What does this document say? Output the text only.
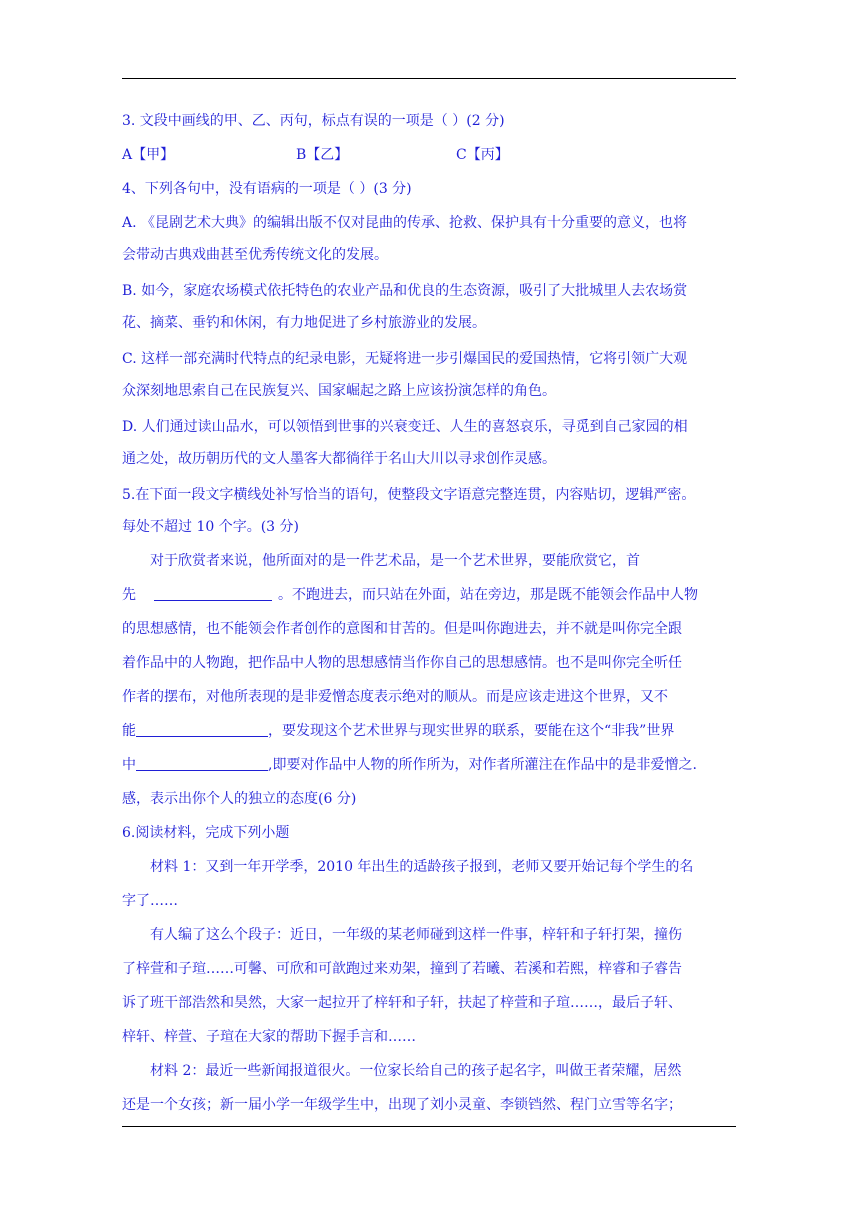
3. 文段中画线的甲、乙、丙句，标点有误的一项是（ ）(2 分)
A【甲】	B【乙】	C【丙】
4、下列各句中，没有语病的一项是（ ）(3 分)
A. 《昆剧艺术大典》的编辑出版不仅对昆曲的传承、抢救、保护具有十分重要的意义，也将
会带动古典戏曲甚至优秀传统文化的发展。
B. 如今，家庭农场模式依托特色的农业产品和优良的生态资源，吸引了大批城里人去农场赏
花、摘菜、垂钓和休闲，有力地促进了乡村旅游业的发展。
C. 这样一部充满时代特点的纪录电影，无疑将进一步引爆国民的爱国热情，它将引领广大观
众深刻地思索自己在民族复兴、国家崛起之路上应该扮演怎样的角色。
D. 人们通过读山品水，可以领悟到世事的兴衰变迁、人生的喜怒哀乐，寻觅到自己家园的相
通之处，故历朝历代的文人墨客大都徜徉于名山大川以寻求创作灵感。
5.在下面一段文字横线处补写恰当的语句，使整段文字语意完整连贯，内容贴切，逻辑严密。
每处不超过 10 个字。(3 分)
对于欣赏者来说，他所面对的是一件艺术品，是一个艺术世界，要能欣赏它，首
先	。不跑进去，而只站在外面，站在旁边，那是既不能领会作品中人物
的思想感情，也不能领会作者创作的意图和甘苦的。但是叫你跑进去，并不就是叫你完全跟
着作品中的人物跑，把作品中人物的思想感情当作你自己的思想感情。也不是叫你完全听任
作者的摆布，对他所表现的是非爱憎态度表示绝对的顺从。而是应该走进这个世界，又不
能	，要发现这个艺术世界与现实世界的联系，要能在这个“非我”世界
中	,即要对作品中人物的所作所为，对作者所灌注在作品中的是非爱憎之.
感，表示出你个人的独立的态度(6 分)
6.阅读材料，完成下列小题
材料 1：又到一年开学季，2010 年出生的适龄孩子报到，老师又要开始记每个学生的名
字了……
有人编了这么个段子：近日，一年级的某老师碰到这样一件事，梓轩和子轩打架，撞伤
了梓萱和子瑄……可馨、可欣和可歆跑过来劝架，撞到了若曦、若溪和若熙，梓睿和子睿告
诉了班干部浩然和昊然，大家一起拉开了梓轩和子轩，扶起了梓萱和子瑄……，最后子轩、
梓轩、梓萱、子瑄在大家的帮助下握手言和……
材料 2：最近一些新闻报道很火。一位家长给自己的孩子起名字，叫做王者荣耀，居然
还是一个女孩；新一届小学一年级学生中，出现了刘小灵童、李锁铛然、程门立雪等名字；
